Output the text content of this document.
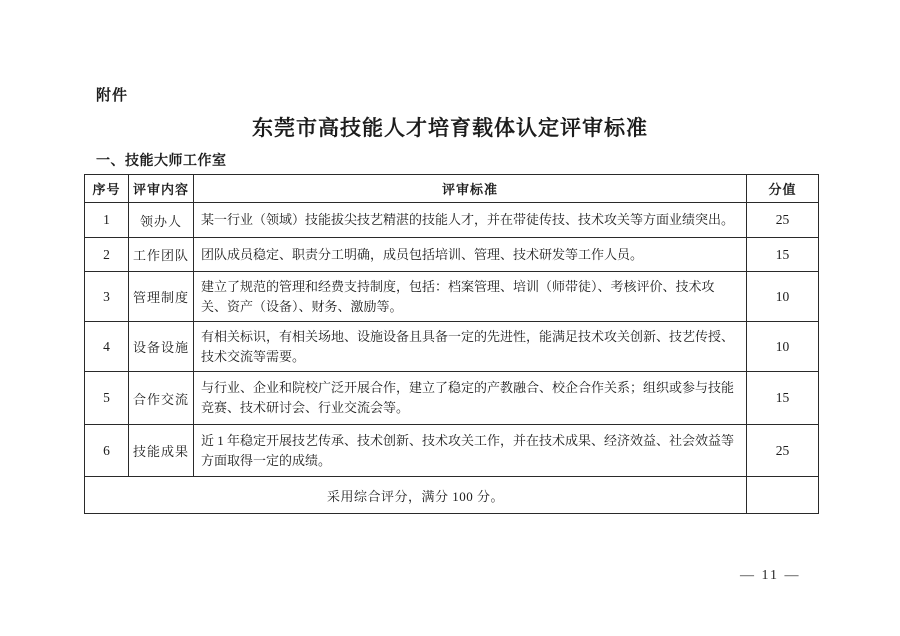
附件
东莞市高技能人才培育载体认定评审标准
一、技能大师工作室
序号	评审内容	评审标准	分值
1	领办人	某一行业（领域）技能拔尖技艺精湛的技能人才，并在带徒传技、技术攻关等方面业绩突出。	25
2	工作团队	团队成员稳定、职责分工明确，成员包括培训、管理、技术研发等工作人员。	15
3	管理制度	建立了规范的管理和经费支持制度，包括：档案管理、培训（师带徒）、考核评价、技术攻关、资产（设备）、财务、激励等。	10
4	设备设施	有相关标识，有相关场地、设施设备且具备一定的先进性，能满足技术攻关创新、技艺传授、技术交流等需要。	10
5	合作交流	与行业、企业和院校广泛开展合作，建立了稳定的产教融合、校企合作关系；组织或参与技能竞赛、技术研讨会、行业交流会等。	15
6	技能成果	近 1 年稳定开展技艺传承、技术创新、技术攻关工作，并在技术成果、经济效益、社会效益等方面取得一定的成绩。	25
采用综合评分，满分 100 分。			
— 11 —
